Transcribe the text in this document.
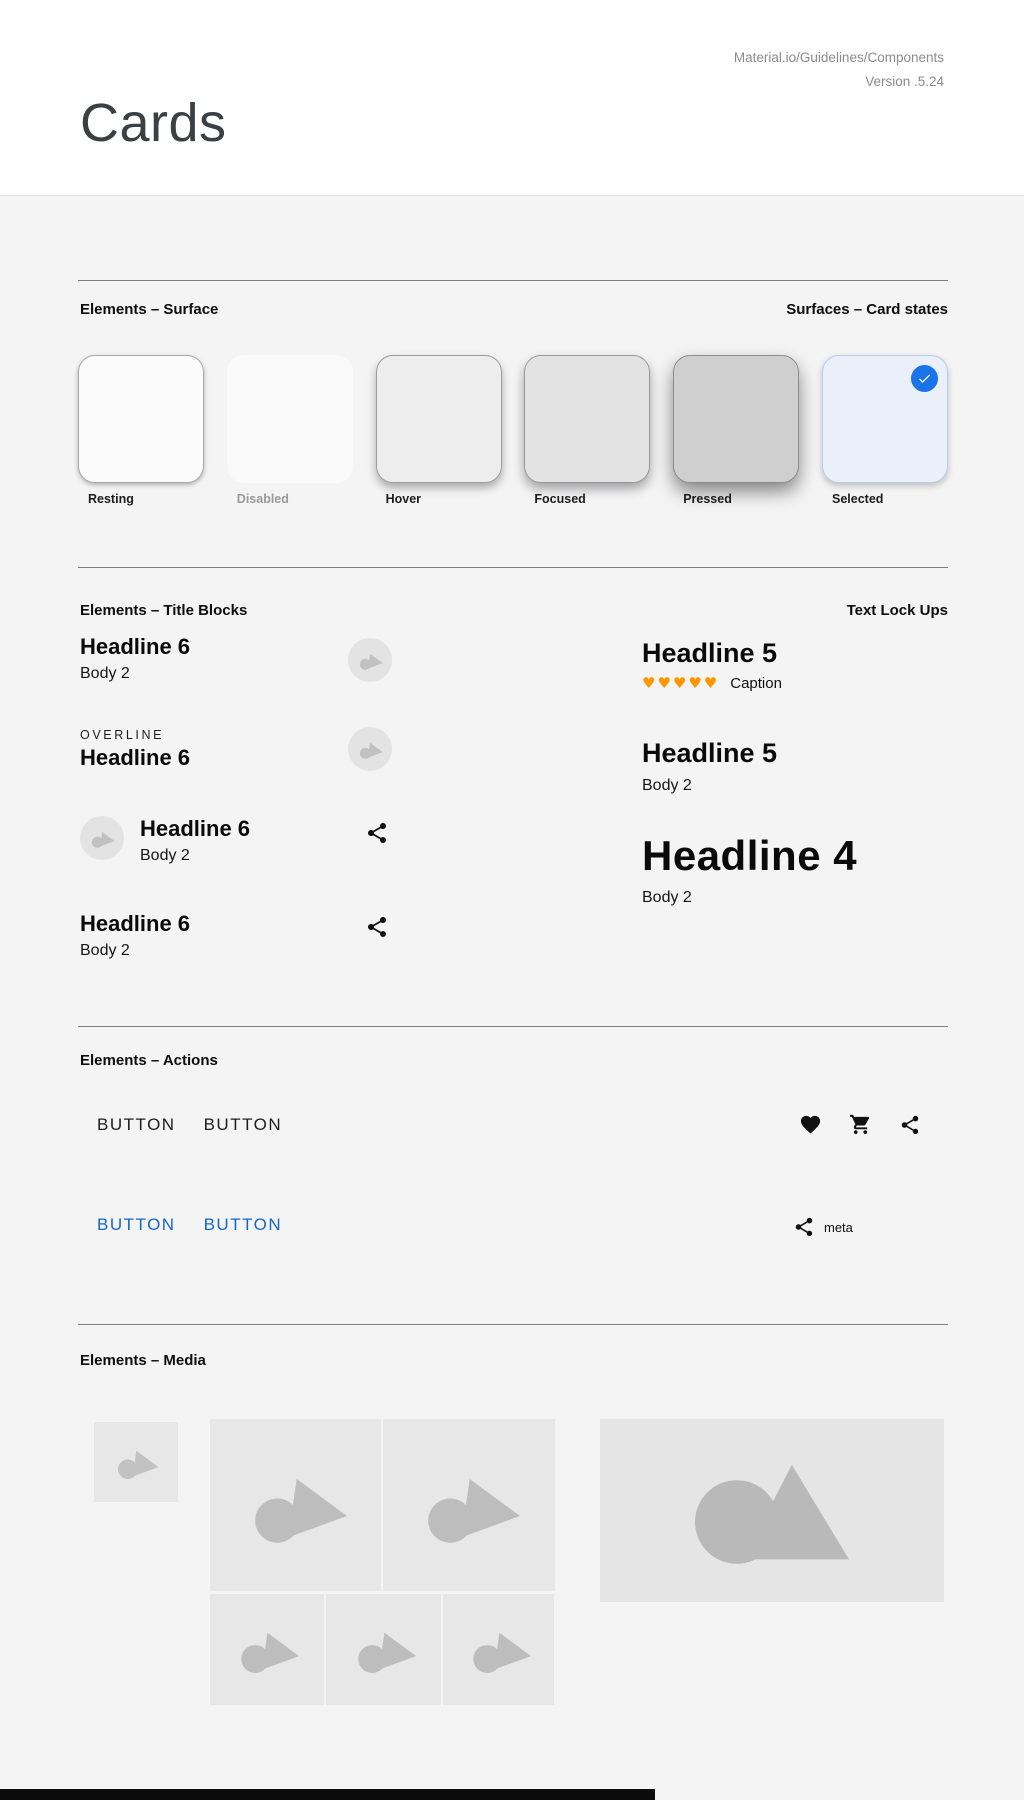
Cards
Material.io/Guidelines/Components
Version .5.24
Elements – Surface	Surfaces – Card states
Resting	Disabled	Hover	Focused	Pressed	Selected
Elements – Title Blocks	Text Lock Ups
Headline 6
Body 2
OVERLINE
Headline 6
Headline 6
Body 2
Headline 6
Body 2
Headline 5
♥♥♥♥♥ Caption
Headline 5
Body 2
Headline 4
Body 2
Elements – Actions
BUTTON BUTTON
BUTTON BUTTON	meta
Elements – Media
